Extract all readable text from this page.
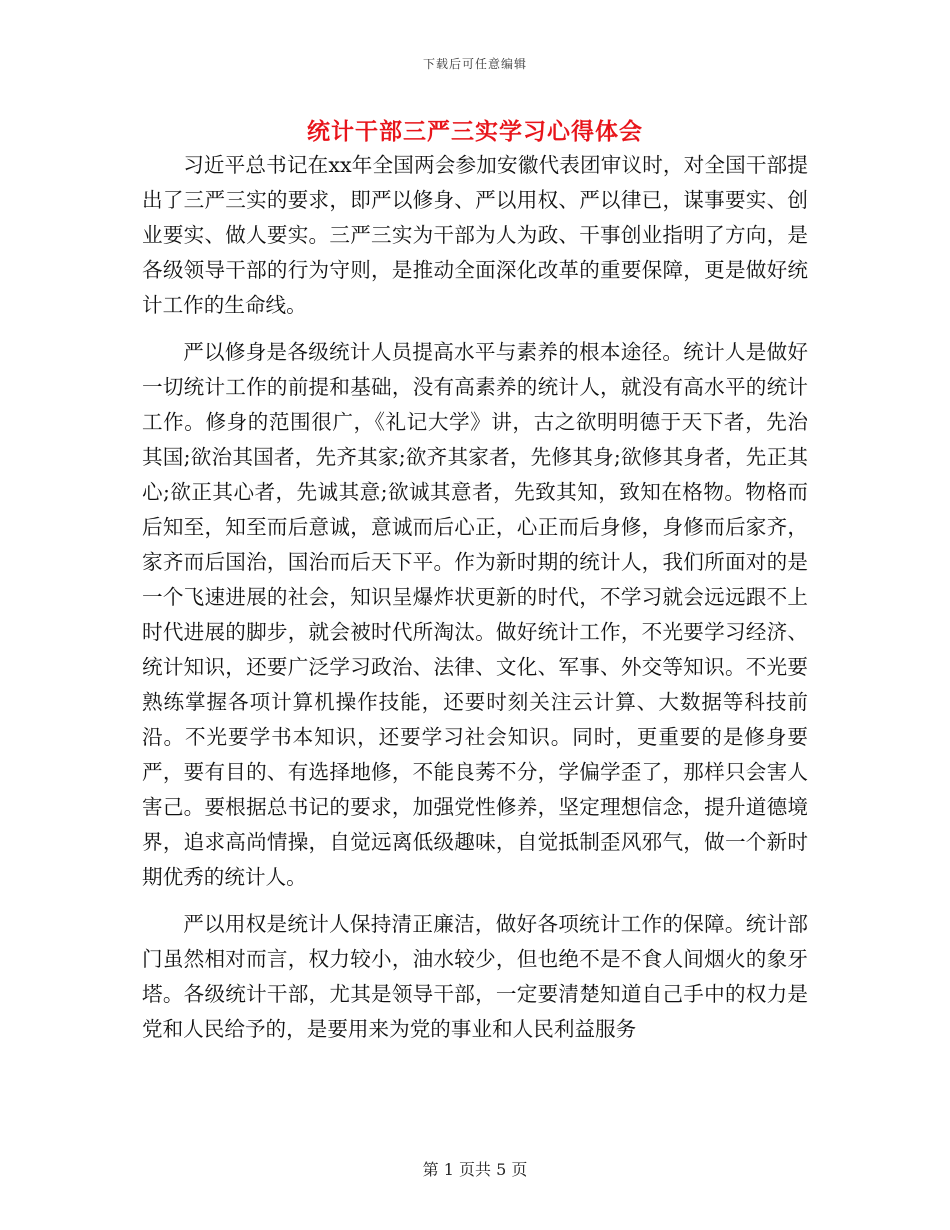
下载后可任意编辑
统计干部三严三实学习心得体会

习近平总书记在xx年全国两会参加安徽代表团审议时，对全国干部提出了三严三实的要求，即严以修身、严以用权、严以律已，谋事要实、创业要实、做人要实。三严三实为干部为人为政、干事创业指明了方向，是各级领导干部的行为守则，是推动全面深化改革的重要保障，更是做好统计工作的生命线。

严以修身是各级统计人员提高水平与素养的根本途径。统计人是做好一切统计工作的前提和基础，没有高素养的统计人，就没有高水平的统计工作。修身的范围很广，《礼记大学》讲，古之欲明明德于天下者，先治其国;欲治其国者，先齐其家;欲齐其家者，先修其身;欲修其身者，先正其心;欲正其心者，先诚其意;欲诚其意者，先致其知，致知在格物。物格而后知至，知至而后意诚，意诚而后心正，心正而后身修，身修而后家齐，家齐而后国治，国治而后天下平。作为新时期的统计人，我们所面对的是一个飞速进展的社会，知识呈爆炸状更新的时代，不学习就会远远跟不上时代进展的脚步，就会被时代所淘汰。做好统计工作，不光要学习经济、统计知识，还要广泛学习政治、法律、文化、军事、外交等知识。不光要熟练掌握各项计算机操作技能，还要时刻关注云计算、大数据等科技前沿。不光要学书本知识，还要学习社会知识。同时，更重要的是修身要严，要有目的、有选择地修，不能良莠不分，学偏学歪了，那样只会害人害己。要根据总书记的要求，加强党性修养，坚定理想信念，提升道德境界，追求高尚情操，自觉远离低级趣味，自觉抵制歪风邪气，做一个新时期优秀的统计人。

严以用权是统计人保持清正廉洁，做好各项统计工作的保障。统计部门虽然相对而言，权力较小，油水较少，但也绝不是不食人间烟火的象牙塔。各级统计干部，尤其是领导干部，一定要清楚知道自己手中的权力是党和人民给予的，是要用来为党的事业和人民利益服务

第 1 页共 5 页
